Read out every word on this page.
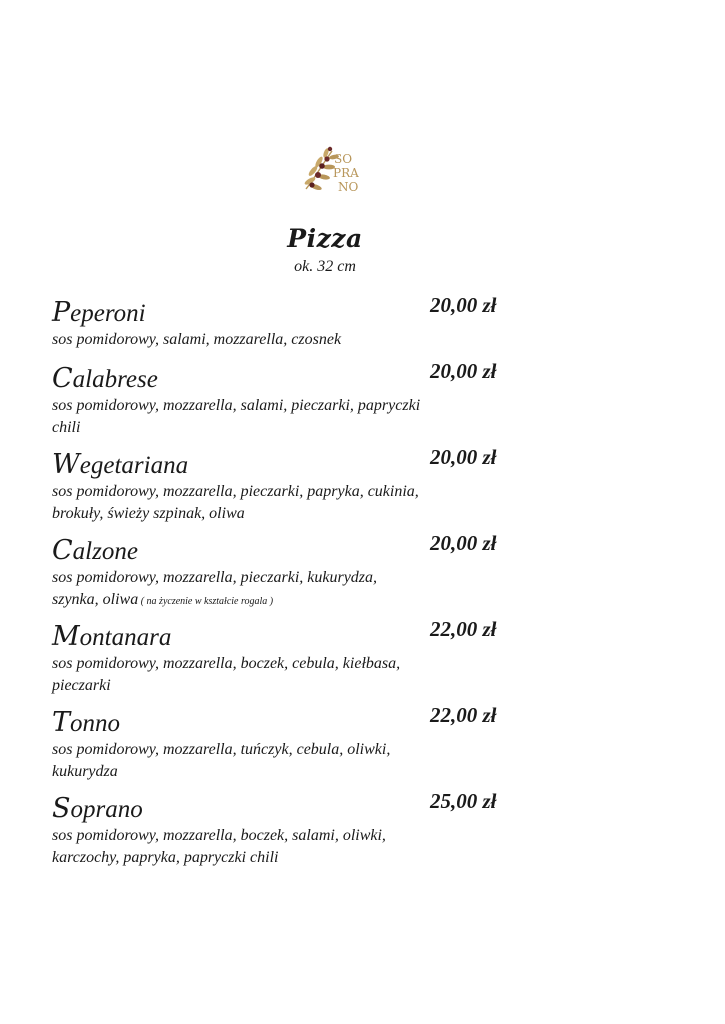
SO
PRA
NO
Pizza
ok. 32 cm
Peperoni	20,00 zł
sos pomidorowy, salami, mozzarella, czosnek
Calabrese	20,00 zł
sos pomidorowy, mozzarella, salami, pieczarki, papryczki chili
Wegetariana	20,00 zł
sos pomidorowy, mozzarella, pieczarki, papryka, cukinia, brokuły, świeży szpinak, oliwa
Calzone	20,00 zł
sos pomidorowy, mozzarella, pieczarki, kukurydza, szynka, oliwa ( na życzenie w kształcie rogala )
Montanara	22,00 zł
sos pomidorowy, mozzarella, boczek, cebula, kiełbasa, pieczarki
Tonno	22,00 zł
sos pomidorowy, mozzarella, tuńczyk, cebula, oliwki, kukurydza
Soprano	25,00 zł
sos pomidorowy, mozzarella, boczek, salami, oliwki, karczochy, papryka, papryczki chili
